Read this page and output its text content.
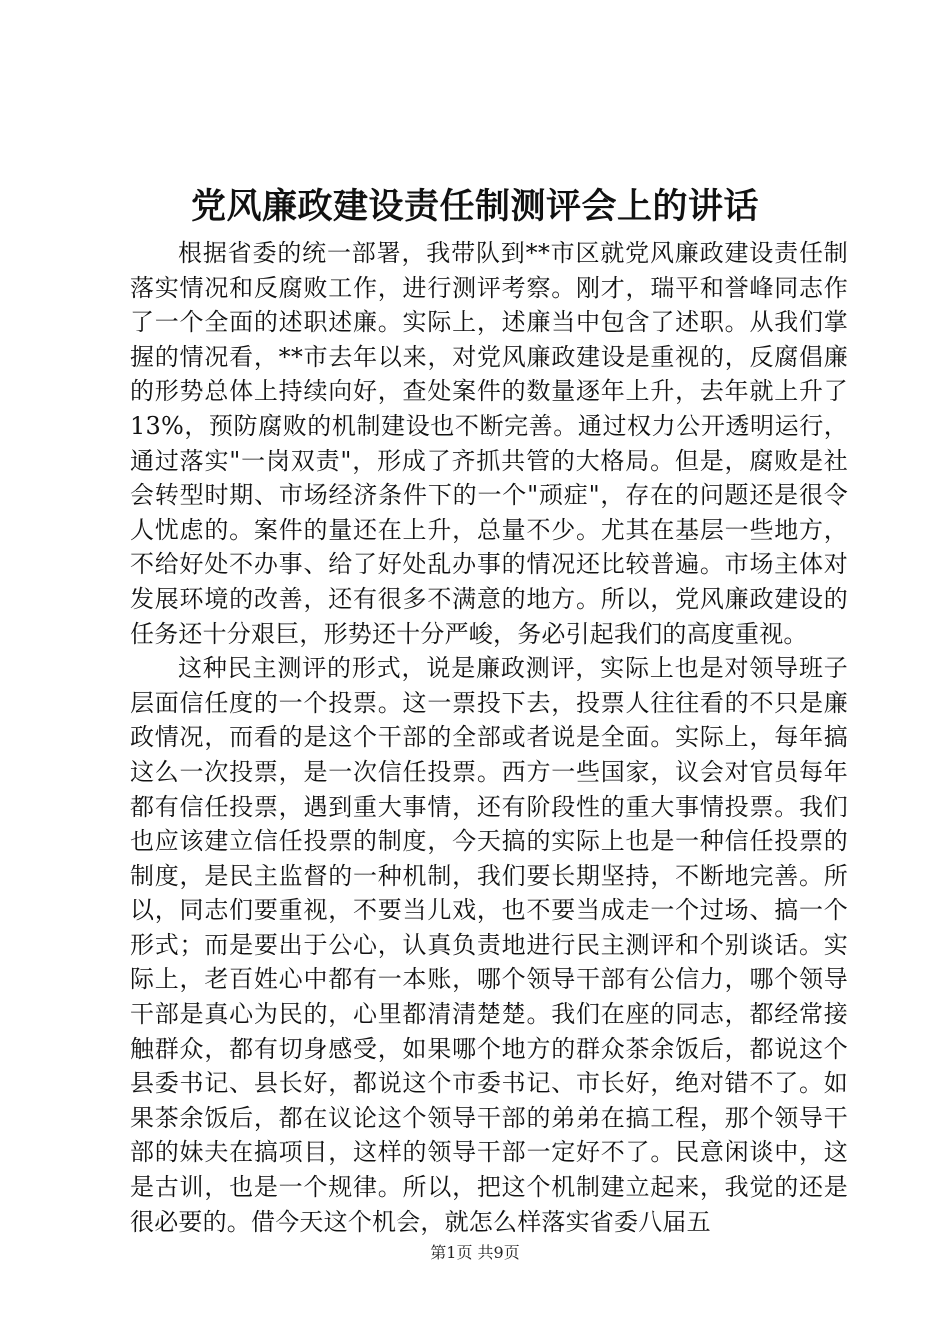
党风廉政建设责任制测评会上的讲话

根据省委的统一部署，我带队到**市区就党风廉政建设责任制落实情况和反腐败工作，进行测评考察。刚才，瑞平和誉峰同志作了一个全面的述职述廉。实际上，述廉当中包含了述职。从我们掌握的情况看，**市去年以来，对党风廉政建设是重视的，反腐倡廉的形势总体上持续向好，查处案件的数量逐年上升，去年就上升了13%，预防腐败的机制建设也不断完善。通过权力公开透明运行，通过落实"一岗双责"，形成了齐抓共管的大格局。但是，腐败是社会转型时期、市场经济条件下的一个"顽症"，存在的问题还是很令人忧虑的。案件的量还在上升，总量不少。尤其在基层一些地方，不给好处不办事、给了好处乱办事的情况还比较普遍。市场主体对发展环境的改善，还有很多不满意的地方。所以，党风廉政建设的任务还十分艰巨，形势还十分严峻，务必引起我们的高度重视。

这种民主测评的形式，说是廉政测评，实际上也是对领导班子层面信任度的一个投票。这一票投下去，投票人往往看的不只是廉政情况，而看的是这个干部的全部或者说是全面。实际上，每年搞这么一次投票，是一次信任投票。西方一些国家，议会对官员每年都有信任投票，遇到重大事情，还有阶段性的重大事情投票。我们也应该建立信任投票的制度，今天搞的实际上也是一种信任投票的制度，是民主监督的一种机制，我们要长期坚持，不断地完善。所以，同志们要重视，不要当儿戏，也不要当成走一个过场、搞一个形式；而是要出于公心，认真负责地进行民主测评和个别谈话。实际上，老百姓心中都有一本账，哪个领导干部有公信力，哪个领导干部是真心为民的，心里都清清楚楚。我们在座的同志，都经常接触群众，都有切身感受，如果哪个地方的群众茶余饭后，都说这个县委书记、县长好，都说这个市委书记、市长好，绝对错不了。如果茶余饭后，都在议论这个领导干部的弟弟在搞工程，那个领导干部的妹夫在搞项目，这样的领导干部一定好不了。民意闲谈中，这是古训，也是一个规律。所以，把这个机制建立起来，我觉的还是很必要的。借今天这个机会，就怎么样落实省委八届五

第1页 共9页
